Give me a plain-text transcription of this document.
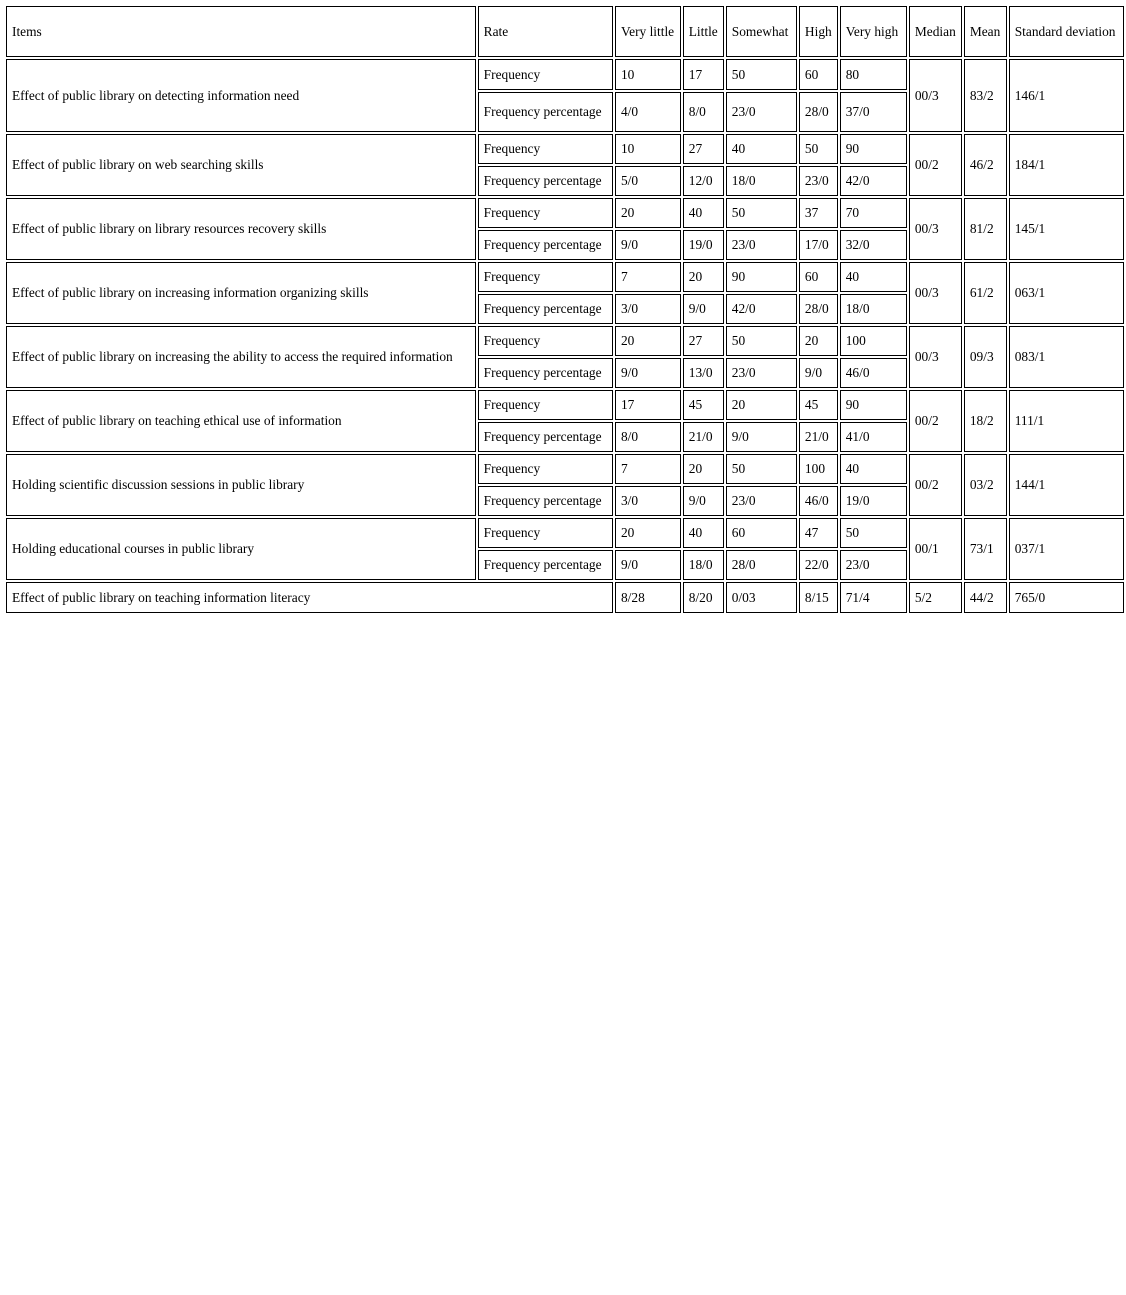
Items	Rate	Very little	Little	Somewhat	High	Very high	Median	Mean	Standard deviation
Effect of public library on detecting information need	Frequency	10	17	50	60	80	00/3	83/2	146/1
	Frequency percentage	4/0	8/0	23/0	28/0	37/0			
Effect of public library on web searching skills	Frequency	10	27	40	50	90	00/2	46/2	184/1
	Frequency percentage	5/0	12/0	18/0	23/0	42/0			
Effect of public library on library resources recovery skills	Frequency	20	40	50	37	70	00/3	81/2	145/1
	Frequency percentage	9/0	19/0	23/0	17/0	32/0			
Effect of public library on increasing information organizing skills	Frequency	7	20	90	60	40	00/3	61/2	063/1
	Frequency percentage	3/0	9/0	42/0	28/0	18/0			
Effect of public library on increasing the ability to access the required information	Frequency	20	27	50	20	100	00/3	09/3	083/1
	Frequency percentage	9/0	13/0	23/0	9/0	46/0			
Effect of public library on teaching ethical use of information	Frequency	17	45	20	45	90	00/2	18/2	111/1
	Frequency percentage	8/0	21/0	9/0	21/0	41/0			
Holding scientific discussion sessions in public library	Frequency	7	20	50	100	40	00/2	03/2	144/1
	Frequency percentage	3/0	9/0	23/0	46/0	19/0			
Holding educational courses in public library	Frequency	20	40	60	47	50	00/1	73/1	037/1
	Frequency percentage	9/0	18/0	28/0	22/0	23/0			
Effect of public library on teaching information literacy		8/28	8/20	0/03	8/15	71/4	5/2	44/2	765/0
